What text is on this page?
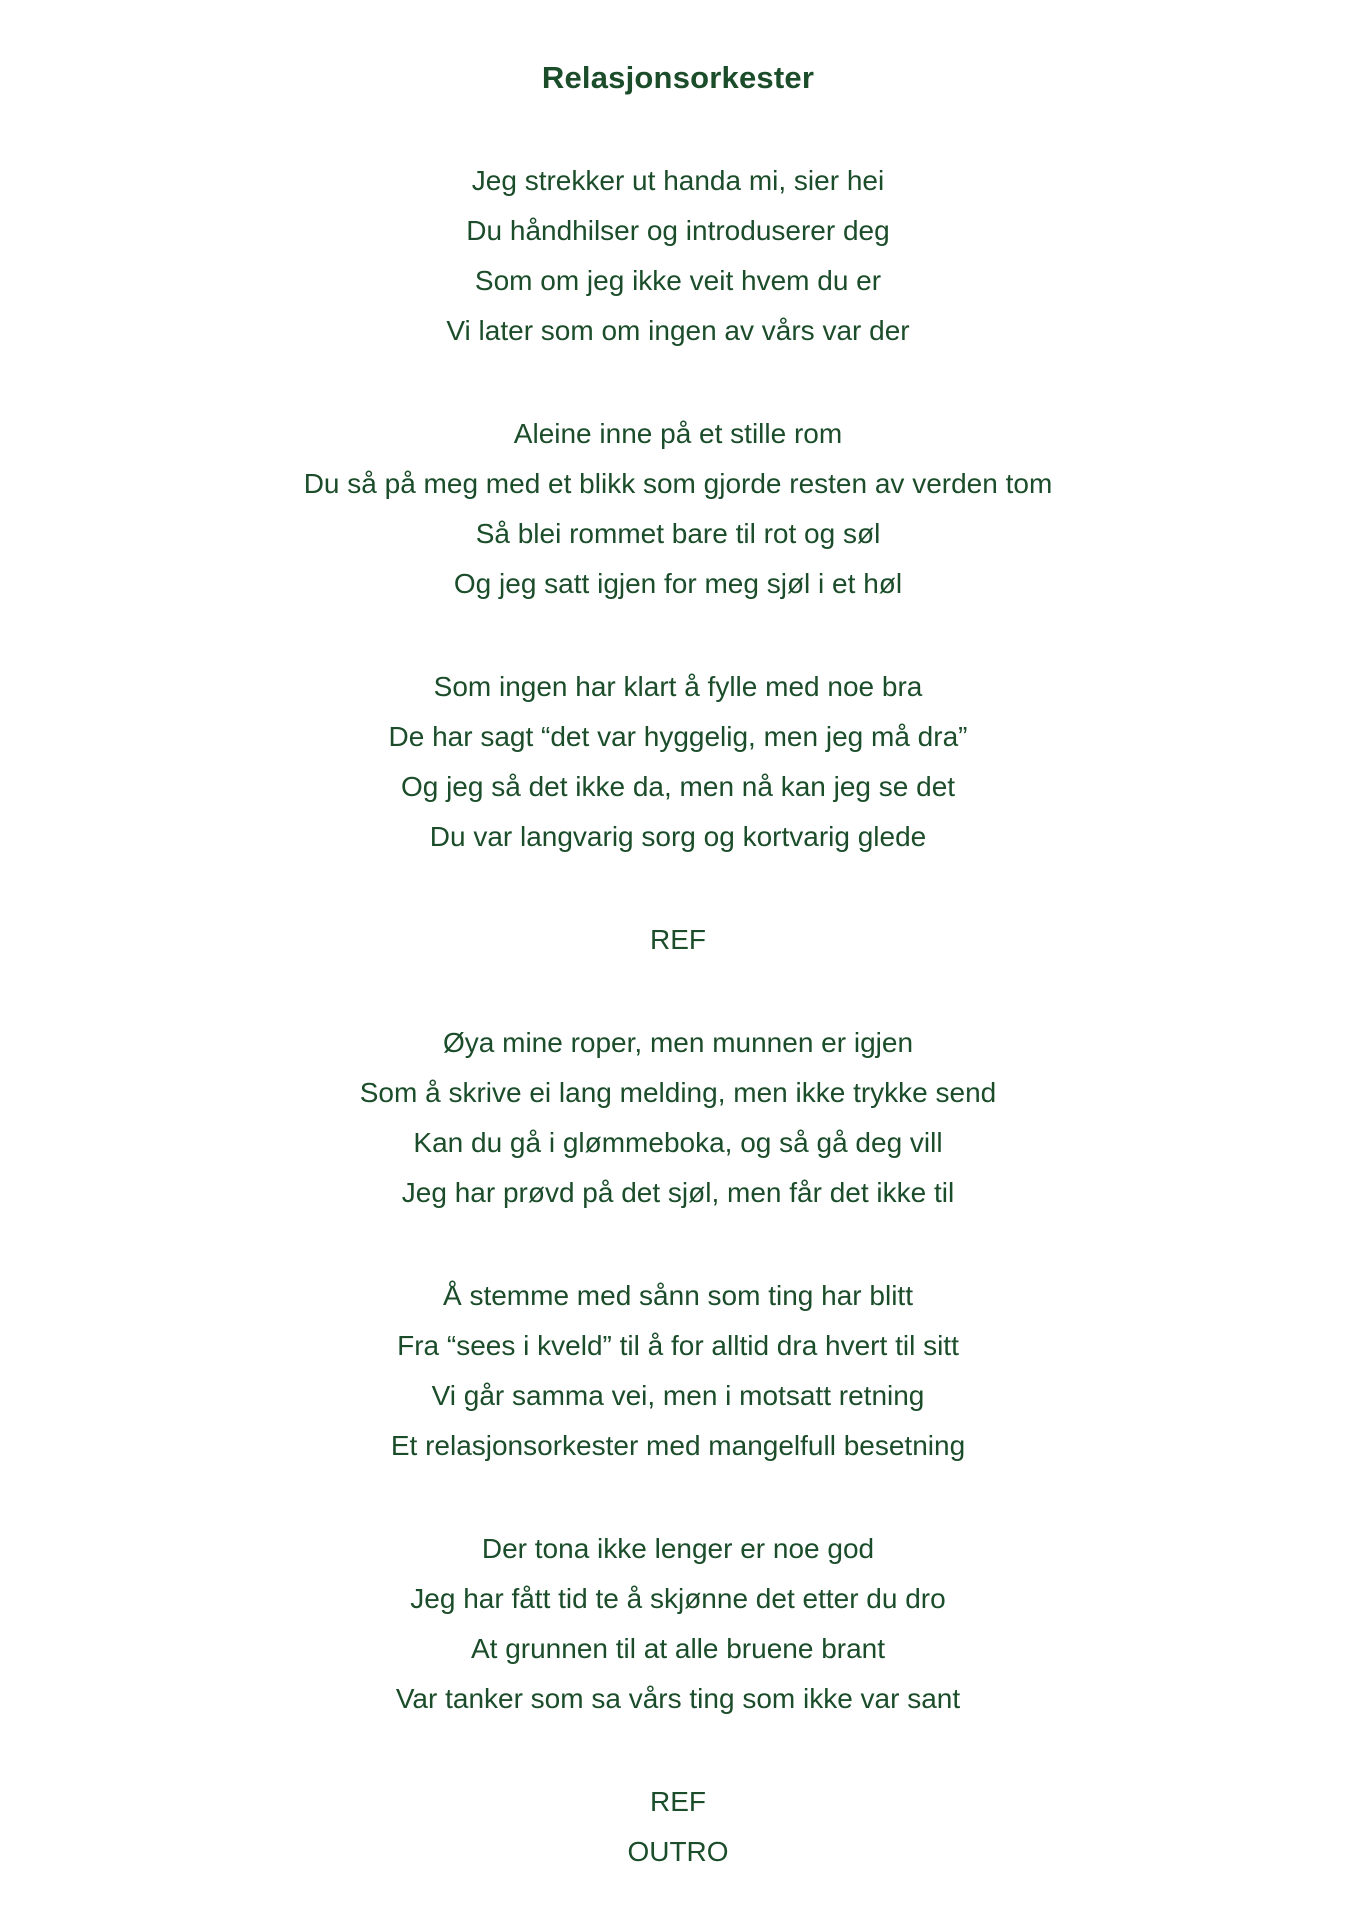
Relasjonsorkester

Jeg strekker ut handa mi, sier hei

Du håndhilser og introduserer deg

Som om jeg ikke veit hvem du er

Vi later som om ingen av vårs var der

Aleine inne på et stille rom

Du så på meg med et blikk som gjorde resten av verden tom

Så blei rommet bare til rot og søl

Og jeg satt igjen for meg sjøl i et høl

Som ingen har klart å fylle med noe bra

De har sagt “det var hyggelig, men jeg må dra”

Og jeg så det ikke da, men nå kan jeg se det

Du var langvarig sorg og kortvarig glede

REF

Øya mine roper, men munnen er igjen

Som å skrive ei lang melding, men ikke trykke send

Kan du gå i glømmeboka, og så gå deg vill

Jeg har prøvd på det sjøl, men får det ikke til

Å stemme med sånn som ting har blitt

Fra “sees i kveld” til å for alltid dra hvert til sitt

Vi går samma vei, men i motsatt retning

Et relasjonsorkester med mangelfull besetning

Der tona ikke lenger er noe god

Jeg har fått tid te å skjønne det etter du dro

At grunnen til at alle bruene brant

Var tanker som sa vårs ting som ikke var sant

REF

OUTRO
